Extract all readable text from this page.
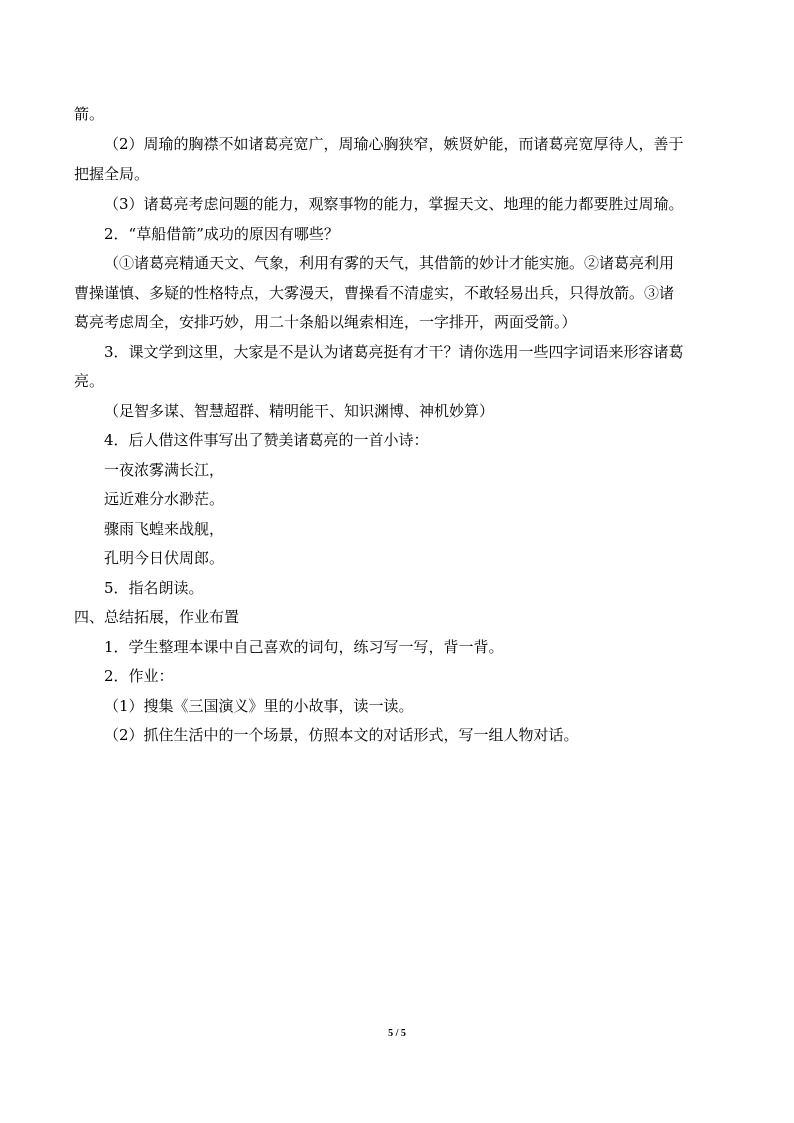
箭。
（2）周瑜的胸襟不如诸葛亮宽广，周瑜心胸狭窄，嫉贤妒能，而诸葛亮宽厚待人，善于
把握全局。
（3）诸葛亮考虑问题的能力，观察事物的能力，掌握天文、地理的能力都要胜过周瑜。
2．“草船借箭”成功的原因有哪些？
（①诸葛亮精通天文、气象，利用有雾的天气，其借箭的妙计才能实施。②诸葛亮利用
曹操谨慎、多疑的性格特点，大雾漫天，曹操看不清虚实，不敢轻易出兵，只得放箭。③诸
葛亮考虑周全，安排巧妙，用二十条船以绳索相连，一字排开，两面受箭。）
3．课文学到这里，大家是不是认为诸葛亮挺有才干？请你选用一些四字词语来形容诸葛
亮。
（足智多谋、智慧超群、精明能干、知识渊博、神机妙算）
4．后人借这件事写出了赞美诸葛亮的一首小诗：
一夜浓雾满长江，
远近难分水渺茫。
骤雨飞蝗来战舰，
孔明今日伏周郎。
5．指名朗读。
四、总结拓展，作业布置
1．学生整理本课中自己喜欢的词句，练习写一写，背一背。
2．作业：
（1）搜集《三国演义》里的小故事，读一读。
（2）抓住生活中的一个场景，仿照本文的对话形式，写一组人物对话。
5 / 5
